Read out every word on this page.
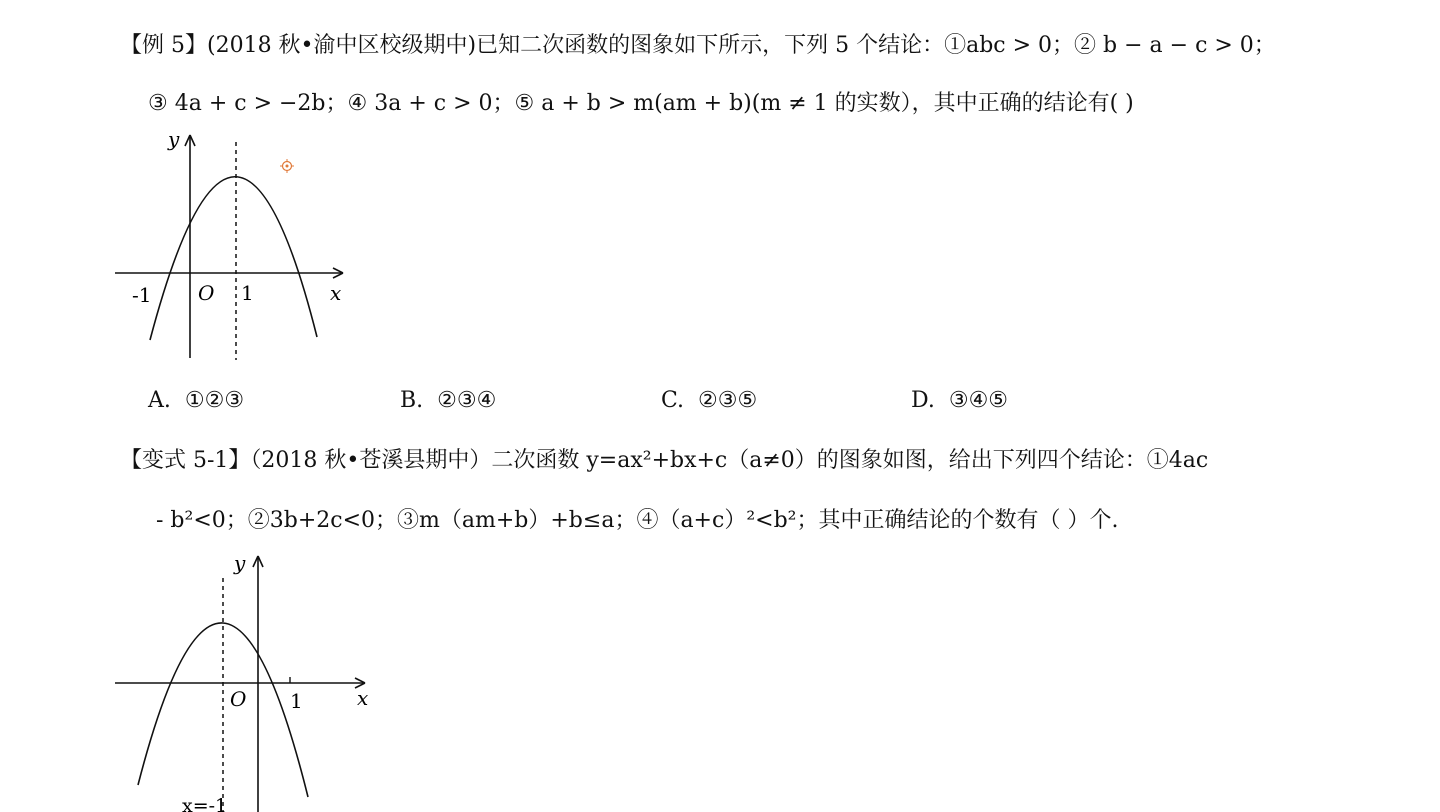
【例 5】(2018 秋•渝中区校级期中)已知二次函数的图象如下所示，下列 5 个结论：①abc > 0；② b − a − c > 0；
③ 4a + c > −2b；④ 3a + c > 0；⑤ a + b > m(am + b)(m ≠ 1 的实数），其中正确的结论有( )
y
x
O
-1	1
A. ①②③	B. ②③④	C. ②③⑤	D. ③④⑤
【变式 5-1】（2018 秋•苍溪县期中）二次函数 y=ax²+bx+c（a≠0）的图象如图，给出下列四个结论：①4ac
- b²<0；②3b+2c<0；③m（am+b）+b≤a；④（a+c）²<b²；其中正确结论的个数有（ ）个.
y
x
O 1
x=-1
